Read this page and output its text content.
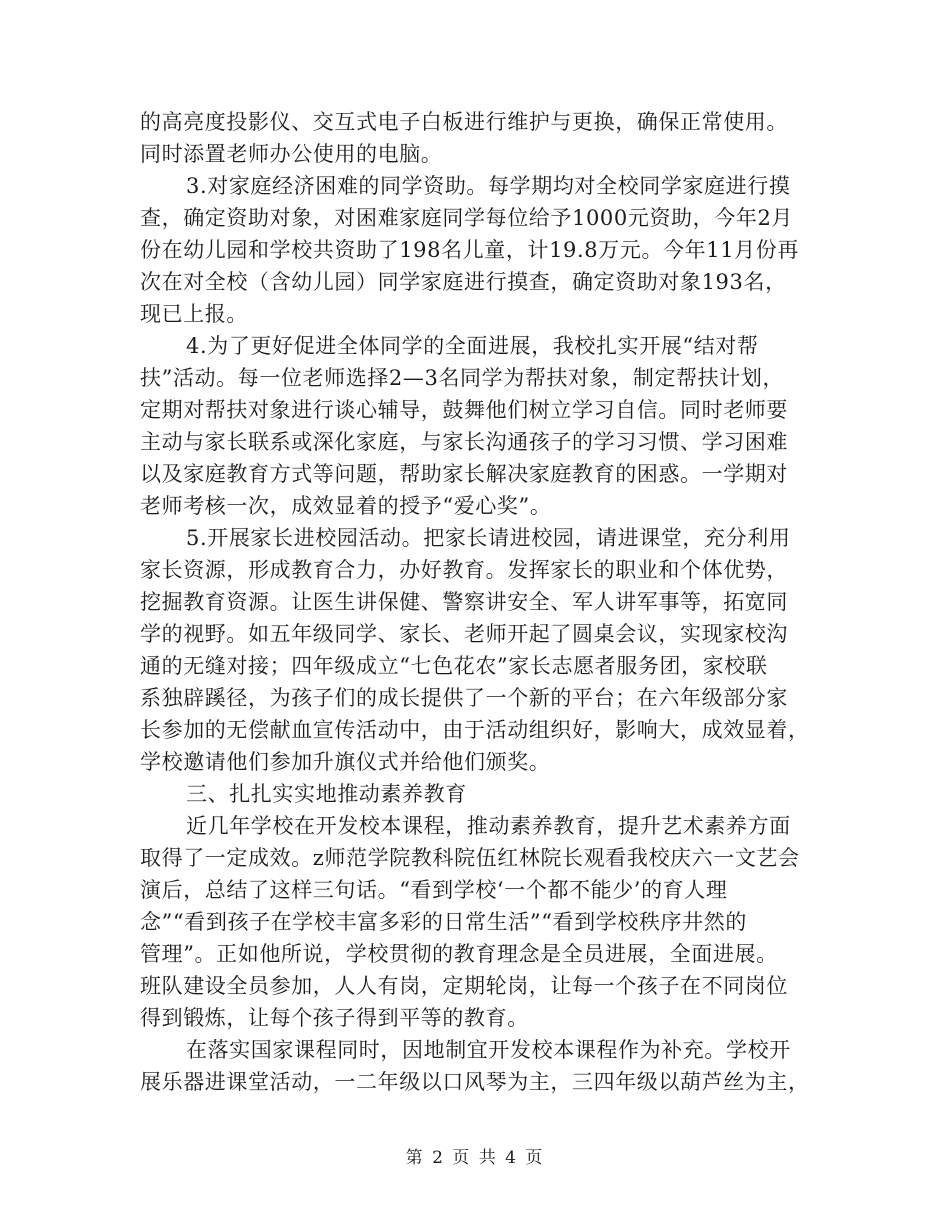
的高亮度投影仪、交互式电子白板进行维护与更换，确保正常使用。
同时添置老师办公使用的电脑。
3.对家庭经济困难的同学资助。每学期均对全校同学家庭进行摸
查，确定资助对象，对困难家庭同学每位给予1000元资助，今年2月
份在幼儿园和学校共资助了198名儿童，计19.8万元。今年11月份再
次在对全校（含幼儿园）同学家庭进行摸查，确定资助对象193名，
现已上报。
4.为了更好促进全体同学的全面进展，我校扎实开展“结对帮
扶”活动。每一位老师选择2—3名同学为帮扶对象，制定帮扶计划，
定期对帮扶对象进行谈心辅导，鼓舞他们树立学习自信。同时老师要
主动与家长联系或深化家庭，与家长沟通孩子的学习习惯、学习困难
以及家庭教育方式等问题，帮助家长解决家庭教育的困惑。一学期对
老师考核一次，成效显着的授予“爱心奖”。
5.开展家长进校园活动。把家长请进校园，请进课堂，充分利用
家长资源，形成教育合力，办好教育。发挥家长的职业和个体优势，
挖掘教育资源。让医生讲保健、警察讲安全、军人讲军事等，拓宽同
学的视野。如五年级同学、家长、老师开起了圆桌会议，实现家校沟
通的无缝对接；四年级成立“七色花农”家长志愿者服务团，家校联
系独辟蹊径，为孩子们的成长提供了一个新的平台；在六年级部分家
长参加的无偿献血宣传活动中，由于活动组织好，影响大，成效显着，
学校邀请他们参加升旗仪式并给他们颁奖。
三、扎扎实实地推动素养教育
近几年学校在开发校本课程，推动素养教育，提升艺术素养方面
取得了一定成效。z师范学院教科院伍红林院长观看我校庆六一文艺会
演后，总结了这样三句话。“看到学校‘一个都不能少’的育人理
念”“看到孩子在学校丰富多彩的日常生活”“看到学校秩序井然的
管理”。正如他所说，学校贯彻的教育理念是全员进展，全面进展。
班队建设全员参加，人人有岗，定期轮岗，让每一个孩子在不同岗位
得到锻炼，让每个孩子得到平等的教育。
在落实国家课程同时，因地制宜开发校本课程作为补充。学校开
展乐器进课堂活动，一二年级以口风琴为主，三四年级以葫芦丝为主，
第 2 页 共 4 页
